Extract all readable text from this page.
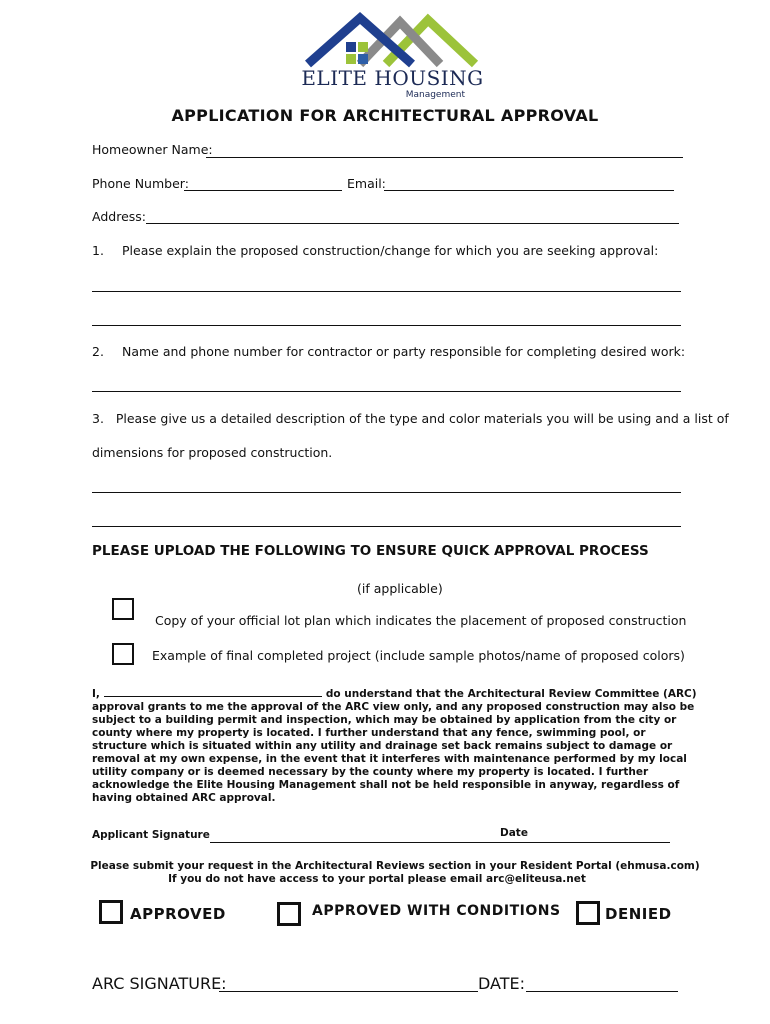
ELITE HOUSING
Management
APPLICATION FOR ARCHITECTURAL APPROVAL
Homeowner Name:
Phone Number:	Email:
Address:
1. Please explain the proposed construction/change for which you are seeking approval:
2. Name and phone number for contractor or party responsible for completing desired work:
3.   Please give us a detailed description of the type and color materials you will be using and a list of
dimensions for proposed construction.
PLEASE UPLOAD THE FOLLOWING TO ENSURE QUICK APPROVAL PROCESS
(if applicable)
Copy of your official lot plan which indicates the placement of proposed construction
Example of final completed project (include sample photos/name of proposed colors)
I,	do understand that the Architectural Review Committee (ARC) approval grants to me the approval of the ARC view only, and any proposed construction may also be subject to a building permit and inspection, which may be obtained by application from the city or county where my property is located. I further understand that any fence, swimming pool, or structure which is situated within any utility and drainage set back remains subject to damage or removal at my own expense, in the event that it interferes with maintenance performed by my local utility company or is deemed necessary by the county where my property is located. I further acknowledge the Elite Housing Management shall not be held responsible in anyway, regardless of having obtained ARC approval.
Applicant Signature	Date
Please submit your request in the Architectural Reviews section in your Resident Portal (ehmusa.com)
If you do not have access to your portal please email arc@eliteusa.net
APPROVED	APPROVED WITH CONDITIONS	DENIED
ARC SIGNATURE:	DATE:
